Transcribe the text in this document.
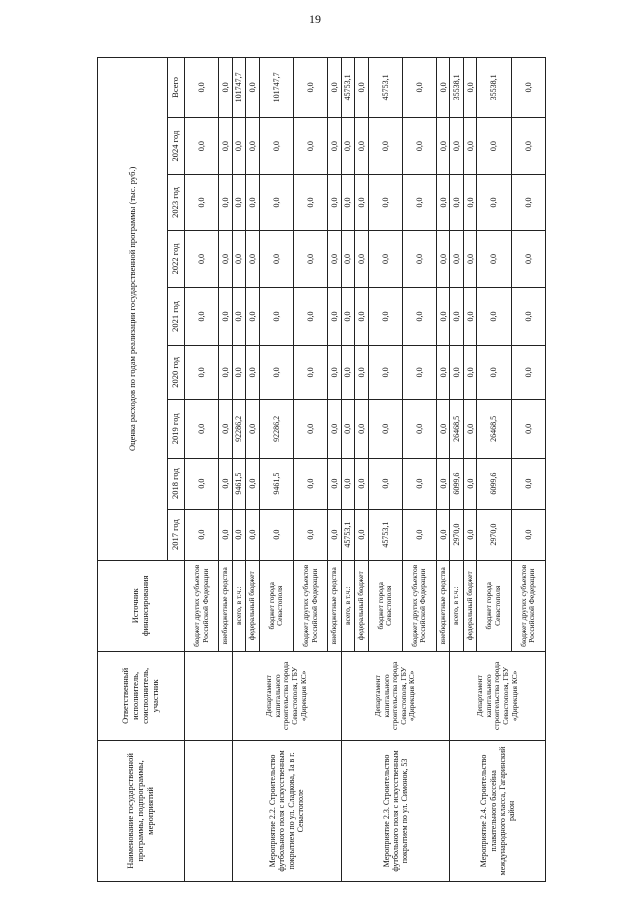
19
Наименование государственной программы, подпрограммы, мероприятий	Ответственный исполнитель, соисполнитель, участник	Источник финансирования	Оценка расходов по годам реализации государственной программы (тыс. руб.)								
			2017 год	2018 год	2019 год	2020 год	2021 год	2022 год	2023 год	2024 год	Всего
		бюджет других субъектов Российской Федерации	0,0	0,0	0,0	0,0	0,0	0,0	0,0	0,0	0,0
		внебюджетные средства	0,0	0,0	0,0	0,0	0,0	0,0	0,0	0,0	0,0
Мероприятие 2.2. Строительство футбольного поля с искусственным покрытием по ул. Сладкова, 1а в г. Севастополе	Департамент капитального строительства города Севастополя, ГБУ «Дирекция КС»	всего, в т.ч.:	0,0	9461,5	92286,2	0,0	0,0	0,0	0,0	0,0	101747,7
		федеральный бюджет	0,0	0,0	0,0	0,0	0,0	0,0	0,0	0,0	0,0
		бюджет города Севастополя	0,0	9461,5	92286,2	0,0	0,0	0,0	0,0	0,0	101747,7
		бюджет других субъектов Российской Федерации	0,0	0,0	0,0	0,0	0,0	0,0	0,0	0,0	0,0
		внебюджетные средства	0,0	0,0	0,0	0,0	0,0	0,0	0,0	0,0	0,0
Мероприятие 2.3. Строительство футбольного поля с искусственным покрытием по ул. Симонок, 53	Департамент капитального строительства города Севастополя, ГБУ «Дирекция КС»	всего, в т.ч.:	45753,1	0,0	0,0	0,0	0,0	0,0	0,0	0,0	45753,1
		федеральный бюджет	0,0	0,0	0,0	0,0	0,0	0,0	0,0	0,0	0,0
		бюджет города Севастополя	45753,1	0,0	0,0	0,0	0,0	0,0	0,0	0,0	45753,1
		бюджет других субъектов Российской Федерации	0,0	0,0	0,0	0,0	0,0	0,0	0,0	0,0	0,0
		внебюджетные средства	0,0	0,0	0,0	0,0	0,0	0,0	0,0	0,0	0,0
Мероприятие 2.4. Строительство плавательного бассейна международного класса, Гагаринский район	Департамент капитального строительства города Севастополя, ГБУ «Дирекция КС»	всего, в т.ч.:	2970,0	6099,6	26468,5	0,0	0,0	0,0	0,0	0,0	35538,1
		федеральный бюджет	0,0	0,0	0,0	0,0	0,0	0,0	0,0	0,0	0,0
		бюджет города Севастополя	2970,0	6099,6	26468,5	0,0	0,0	0,0	0,0	0,0	35538,1
		бюджет других субъектов Российской Федерации	0,0	0,0	0,0	0,0	0,0	0,0	0,0	0,0	0,0
